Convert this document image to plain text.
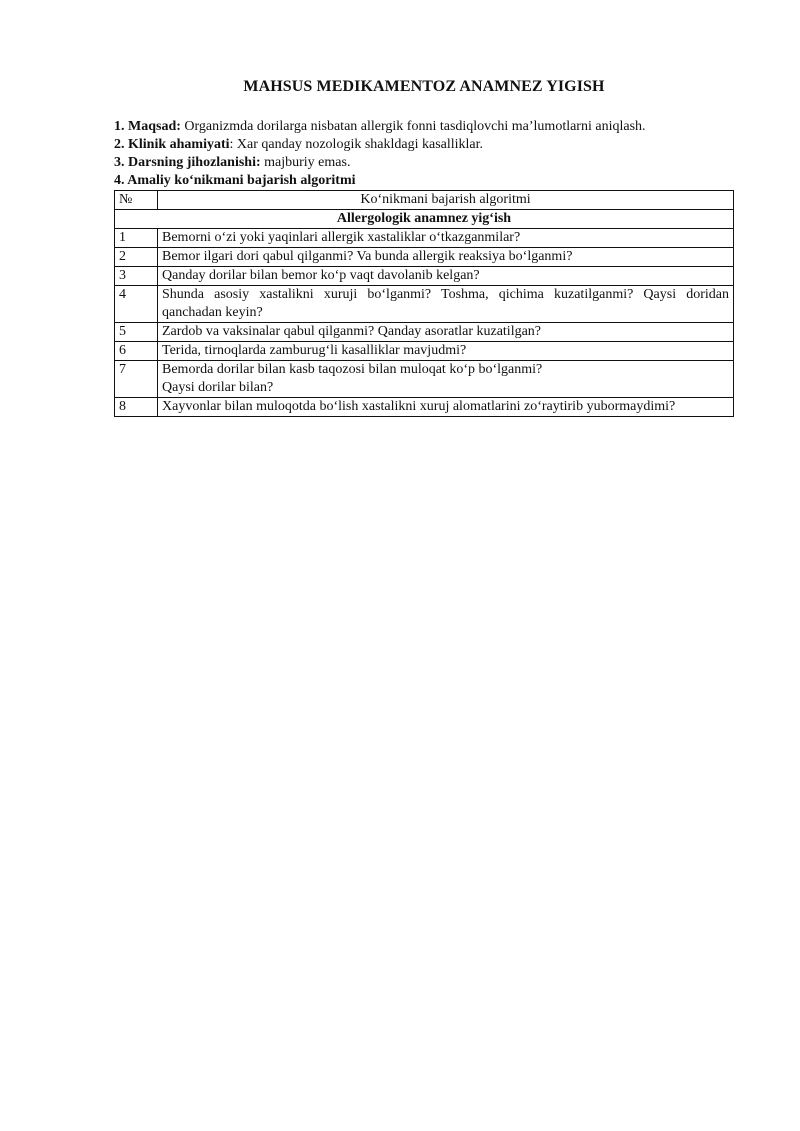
MAHSUS MEDIKAMENTOZ ANAMNEZ YIGISH
1. Maqsad: Organizmda dorilarga nisbatan allergik fonni tasdiqlovchi ma’lumotlarni aniqlash.
2. Klinik ahamiyati: Xar qanday nozologik shakldagi kasalliklar.
3. Darsning jihozlanishi: majburiy emas.
4. Amaliy ko‘nikmani bajarish algoritmi
№	Ko‘nikmani bajarish algoritmi
Allergologik anamnez yig‘ish	
1	Bemorni o‘zi yoki yaqinlari allergik xastaliklar o‘tkazganmilar?
2	Bemor ilgari dori qabul qilganmi? Va bunda allergik reaksiya bo‘lganmi?
3	Qanday dorilar bilan bemor ko‘p vaqt davolanib kelgan?
4	Shunda asosiy xastalikni xuruji bo‘lganmi? Toshma, qichima kuzatilganmi? Qaysi doridan qanchadan keyin?
5	Zardob va vaksinalar qabul qilganmi? Qanday asoratlar kuzatilgan?
6	Terida, tirnoqlarda zamburug‘li kasalliklar mavjudmi?
7	Bemorda dorilar bilan kasb taqozosi bilan muloqat ko‘p bo‘lganmi?
Qaysi dorilar bilan?

8	Xayvonlar bilan muloqotda bo‘lish xastalikni xuruj alomatlarini zo‘raytirib yubormaydimi?
